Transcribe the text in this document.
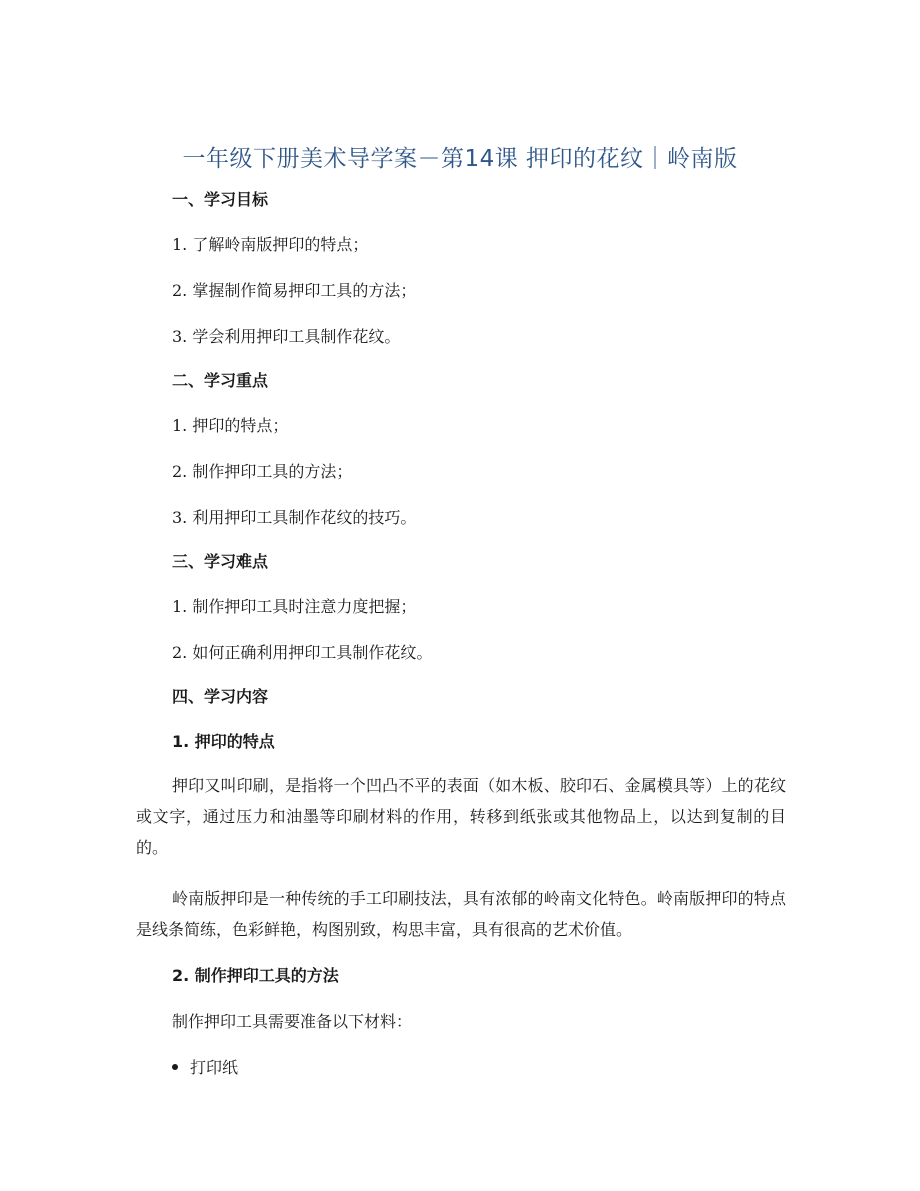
一年级下册美术导学案－第14课 押印的花纹｜岭南版
一、学习目标
1. 了解岭南版押印的特点；
2. 掌握制作简易押印工具的方法；
3. 学会利用押印工具制作花纹。
二、学习重点
1. 押印的特点；
2. 制作押印工具的方法；
3. 利用押印工具制作花纹的技巧。
三、学习难点
1. 制作押印工具时注意力度把握；
2. 如何正确利用押印工具制作花纹。
四、学习内容
1. 押印的特点
押印又叫印刷，是指将一个凹凸不平的表面（如木板、胶印石、金属模具等）上的花纹或文字，通过压力和油墨等印刷材料的作用，转移到纸张或其他物品上，以达到复制的目的。
岭南版押印是一种传统的手工印刷技法，具有浓郁的岭南文化特色。岭南版押印的特点是线条简练，色彩鲜艳，构图别致，构思丰富，具有很高的艺术价值。
2. 制作押印工具的方法
制作押印工具需要准备以下材料：
打印纸
